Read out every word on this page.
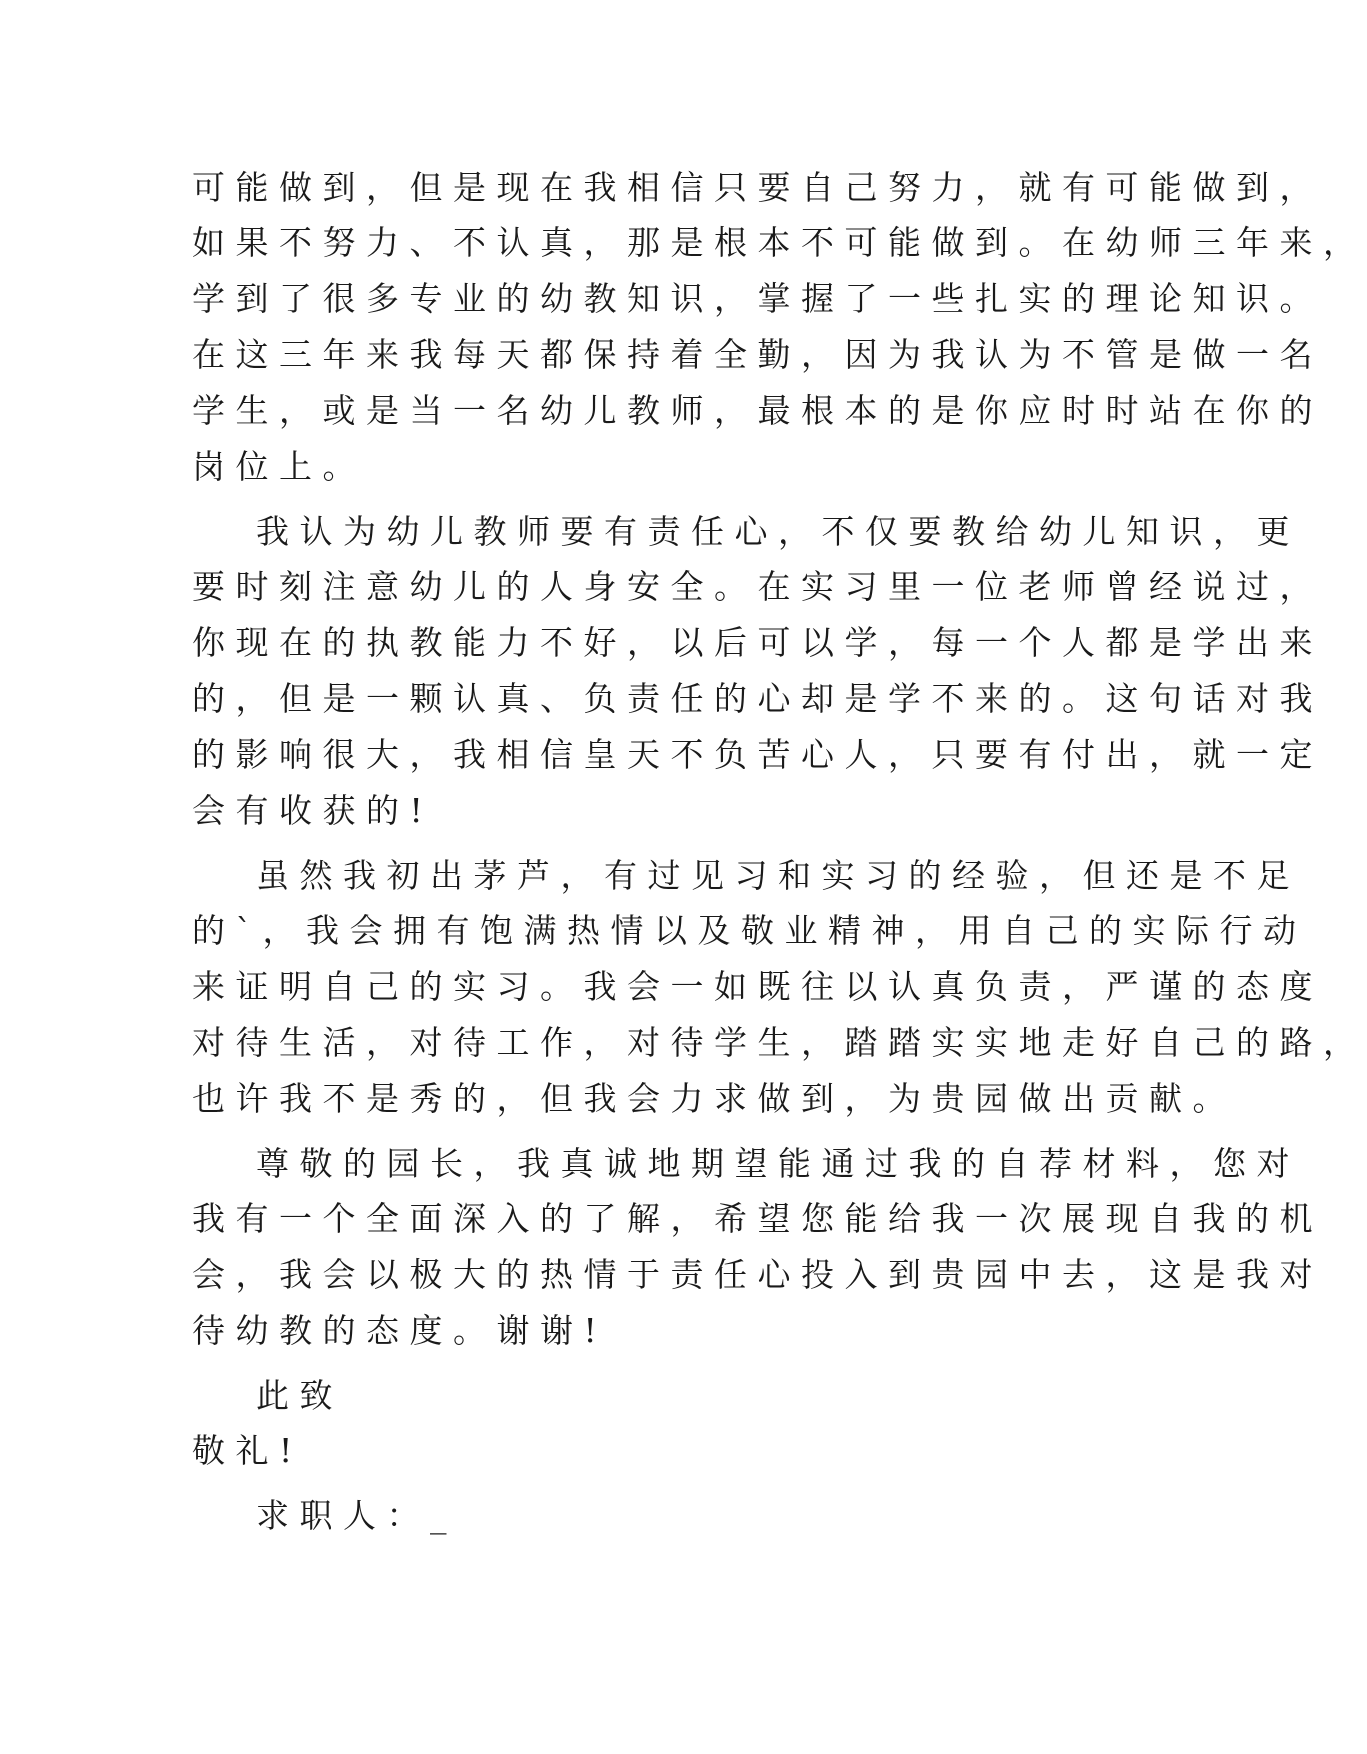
可能做到，但是现在我相信只要自己努力，就有可能做到，
如果不努力、不认真，那是根本不可能做到。在幼师三年来，
学到了很多专业的幼教知识，掌握了一些扎实的理论知识。
在这三年来我每天都保持着全勤，因为我认为不管是做一名
学生，或是当一名幼儿教师，最根本的是你应时时站在你的
岗位上。
我认为幼儿教师要有责任心，不仅要教给幼儿知识，更
要时刻注意幼儿的人身安全。在实习里一位老师曾经说过，
你现在的执教能力不好，以后可以学，每一个人都是学出来
的，但是一颗认真、负责任的心却是学不来的。这句话对我
的影响很大，我相信皇天不负苦心人，只要有付出，就一定
会有收获的!
虽然我初出茅芦，有过见习和实习的经验，但还是不足
的`，我会拥有饱满热情以及敬业精神，用自己的实际行动
来证明自己的实习。我会一如既往以认真负责，严谨的态度
对待生活，对待工作，对待学生，踏踏实实地走好自己的路，
也许我不是秀的，但我会力求做到，为贵园做出贡献。
尊敬的园长，我真诚地期望能通过我的自荐材料，您对
我有一个全面深入的了解，希望您能给我一次展现自我的机
会，我会以极大的热情于责任心投入到贵园中去，这是我对
待幼教的态度。谢谢!
此致
敬礼!
求职人：_
